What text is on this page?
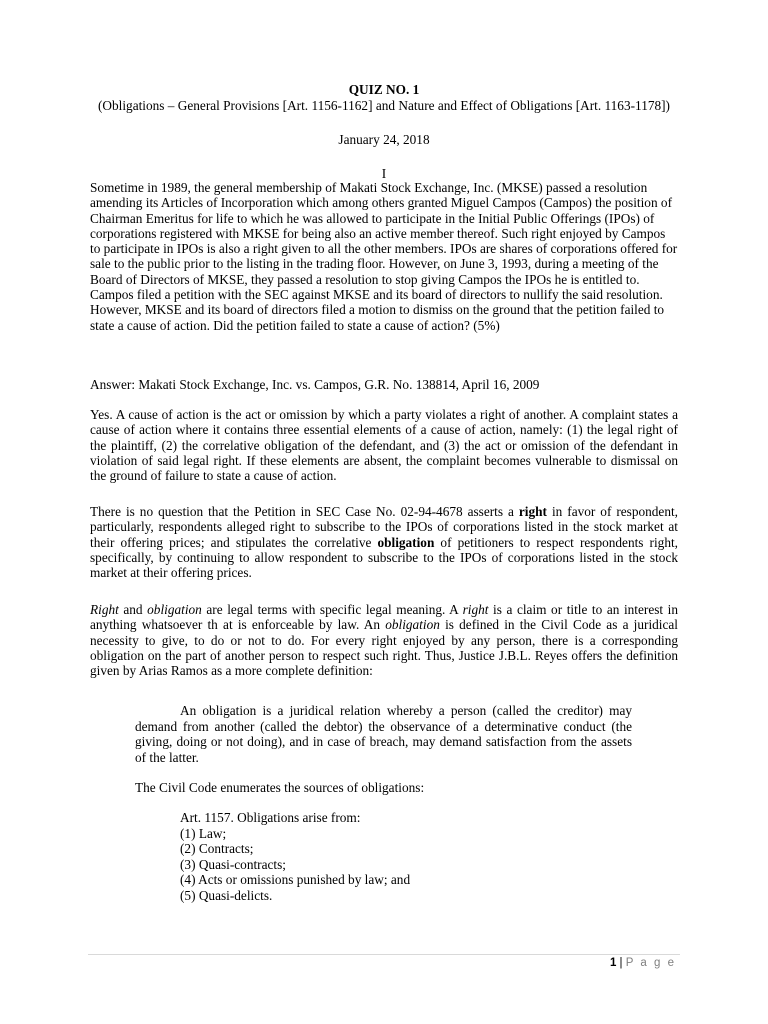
QUIZ NO. 1
(Obligations – General Provisions [Art. 1156-1162] and Nature and Effect of Obligations [Art. 1163-1178])
January 24, 2018
I
Sometime in 1989, the general membership of Makati Stock Exchange, Inc. (MKSE) passed a resolution amending its Articles of Incorporation which among others granted Miguel Campos (Campos) the position of Chairman Emeritus for life to which he was allowed to participate in the Initial Public Offerings (IPOs) of corporations registered with MKSE for being also an active member thereof. Such right enjoyed by Campos to participate in IPOs is also a right given to all the other members. IPOs are shares of corporations offered for sale to the public prior to the listing in the trading floor. However, on June 3, 1993, during a meeting of the Board of Directors of MKSE, they passed a resolution to stop giving Campos the IPOs he is entitled to. Campos filed a petition with the SEC against MKSE and its board of directors to nullify the said resolution. However, MKSE and its board of directors filed a motion to dismiss on the ground that the petition failed to state a cause of action. Did the petition failed to state a cause of action? (5%)
Answer: Makati Stock Exchange, Inc. vs. Campos, G.R. No. 138814, April 16, 2009
Yes. A cause of action is the act or omission by which a party violates a right of another. A complaint states a cause of action where it contains three essential elements of a cause of action, namely: (1) the legal right of the plaintiff, (2) the correlative obligation of the defendant, and (3) the act or omission of the defendant in violation of said legal right. If these elements are absent, the complaint becomes vulnerable to dismissal on the ground of failure to state a cause of action.
There is no question that the Petition in SEC Case No. 02-94-4678 asserts a right in favor of respondent, particularly, respondents alleged right to subscribe to the IPOs of corporations listed in the stock market at their offering prices; and stipulates the correlative obligation of petitioners to respect respondents right, specifically, by continuing to allow respondent to subscribe to the IPOs of corporations listed in the stock market at their offering prices.
Right and obligation are legal terms with specific legal meaning. A right is a claim or title to an interest in anything whatsoever th at is enforceable by law. An obligation is defined in the Civil Code as a juridical necessity to give, to do or not to do. For every right enjoyed by any person, there is a corresponding obligation on the part of another person to respect such right. Thus, Justice J.B.L. Reyes offers the definition given by Arias Ramos as a more complete definition:
An obligation is a juridical relation whereby a person (called the creditor) may demand from another (called the debtor) the observance of a determinative conduct (the giving, doing or not doing), and in case of breach, may demand satisfaction from the assets of the latter.
The Civil Code enumerates the sources of obligations:
Art. 1157. Obligations arise from:
(1) Law;
(2) Contracts;
(3) Quasi-contracts;
(4) Acts or omissions punished by law; and
(5) Quasi-delicts.
1 | P a g e
